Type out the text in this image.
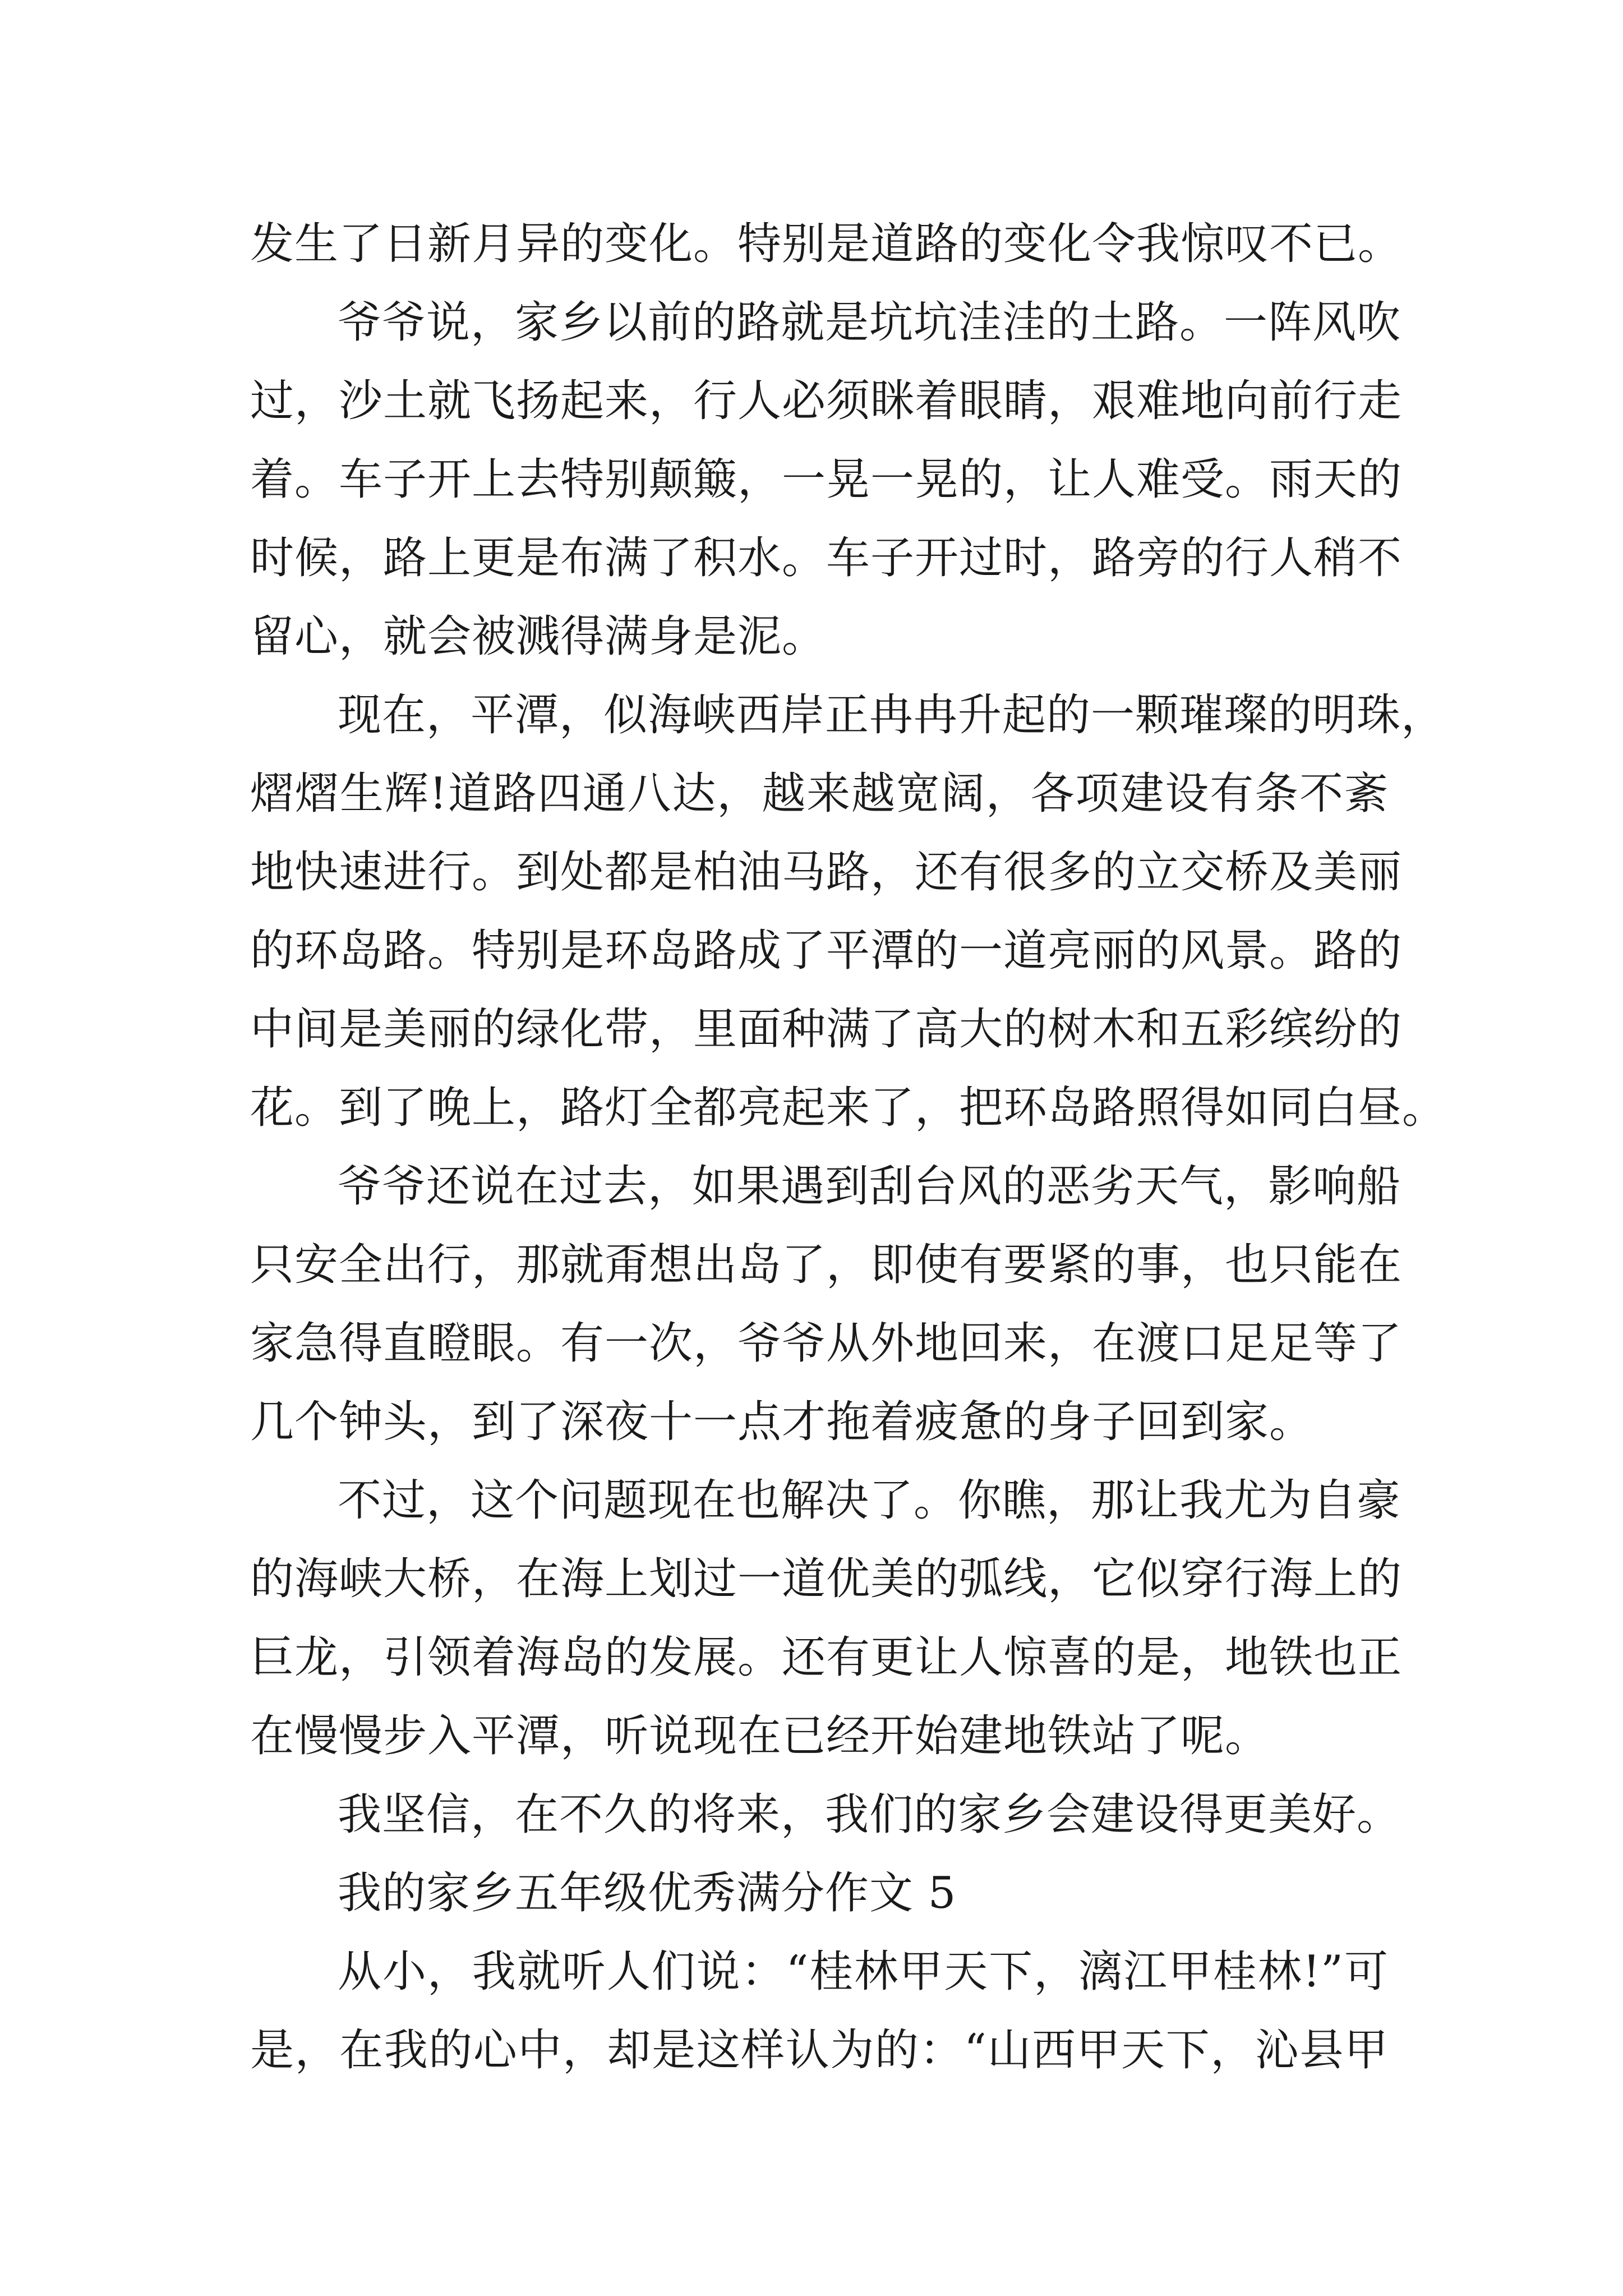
发生了日新月异的变化。特别是道路的变化令我惊叹不已。
爷爷说，家乡以前的路就是坑坑洼洼的土路。一阵风吹
过，沙土就飞扬起来，行人必须眯着眼睛，艰难地向前行走
着。车子开上去特别颠簸，一晃一晃的，让人难受。雨天的
时候，路上更是布满了积水。车子开过时，路旁的行人稍不
留心，就会被溅得满身是泥。
现在，平潭，似海峡西岸正冉冉升起的一颗璀璨的明珠，
熠熠生辉!道路四通八达，越来越宽阔，各项建设有条不紊
地快速进行。到处都是柏油马路，还有很多的立交桥及美丽
的环岛路。特别是环岛路成了平潭的一道亮丽的风景。路的
中间是美丽的绿化带，里面种满了高大的树木和五彩缤纷的
花。到了晚上，路灯全都亮起来了，把环岛路照得如同白昼。
爷爷还说在过去，如果遇到刮台风的恶劣天气，影响船
只安全出行，那就甭想出岛了，即使有要紧的事，也只能在
家急得直瞪眼。有一次，爷爷从外地回来，在渡口足足等了
几个钟头，到了深夜十一点才拖着疲惫的身子回到家。
不过，这个问题现在也解决了。你瞧，那让我尤为自豪
的海峡大桥，在海上划过一道优美的弧线，它似穿行海上的
巨龙，引领着海岛的发展。还有更让人惊喜的是，地铁也正
在慢慢步入平潭，听说现在已经开始建地铁站了呢。
我坚信，在不久的将来，我们的家乡会建设得更美好。
我的家乡五年级优秀满分作文 5
从小，我就听人们说：“桂林甲天下，漓江甲桂林!”可
是，在我的心中，却是这样认为的：“山西甲天下，沁县甲
